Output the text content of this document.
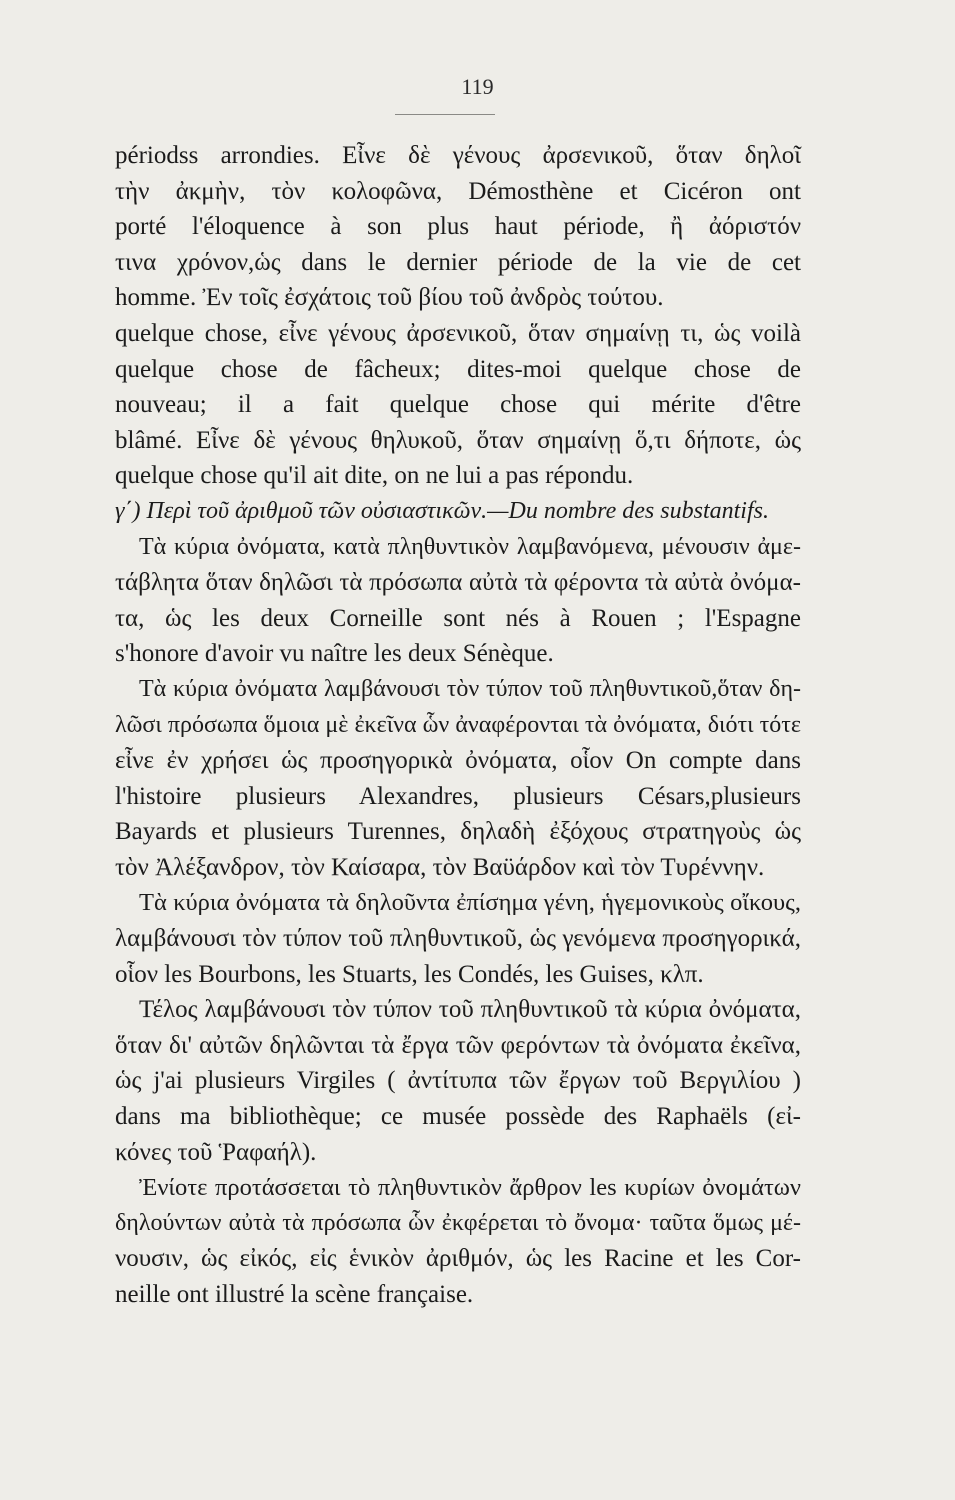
119

périodss arrondies. Εἶνε δὲ γένους ἀρσενικοῦ, ὅταν δηλοῖ
τὴν ἀκμὴν, τὸν κολοφῶνα, Démosthène et Cicéron ont
porté l'éloquence à son plus haut période, ἢ ἀόριστόν
τινα χρόνον,ὡς dans le dernier période de la vie de cet
homme. Ἐν τοῖς ἐσχάτοις τοῦ βίου τοῦ ἀνδρὸς τούτου.

quelque chose, εἶνε γένους ἀρσενικοῦ, ὅταν σημαίνῃ τι, ὡς voilà

quelque chose de fâcheux; dites-moi quelque chose de
nouveau; il a fait quelque chose qui mérite d'être
blâmé. Εἶνε δὲ γένους θηλυκοῦ, ὅταν σημαίνῃ ὅ,τι δήποτε, ὡς
quelque chose qu'il ait dite, on ne lui a pas répondu.

γ΄) Περὶ τοῦ ἀριθμοῦ τῶν οὐσιαστικῶν.—Du nombre des substantifs.

Τὰ κύρια ὀνόματα, κατὰ πληθυντικὸν λαμβανόμενα, μένουσιν ἀμε-
τάβλητα ὅταν δηλῶσι τὰ πρόσωπα αὐτὰ τὰ φέροντα τὰ αὐτὰ ὀνόμα-
τα, ὡς les deux Corneille sont nés à Rouen ; l'Espagne
s'honore d'avoir vu naître les deux Sénèque.

Τὰ κύρια ὀνόματα λαμβάνουσι τὸν τύπον τοῦ πληθυντικοῦ,ὅταν δη-
λῶσι πρόσωπα ὅμοια μὲ ἐκεῖνα ὧν ἀναφέρονται τὰ ὀνόματα, διότι τότε
εἶνε ἐν χρήσει ὡς προσηγορικὰ ὀνόματα, οἷον On compte dans
l'histoire plusieurs Alexandres, plusieurs Césars,plusieurs
Bayards et plusieurs Turennes, δηλαδὴ ἐξόχους στρατηγοὺς ὡς
τὸν Ἀλέξανδρον, τὸν Καίσαρα, τὸν Βαϋάρδον καὶ τὸν Τυρέννην.

Τὰ κύρια ὀνόματα τὰ δηλοῦντα ἐπίσημα γένη, ἡγεμονικοὺς οἴκους,
λαμβάνουσι τὸν τύπον τοῦ πληθυντικοῦ, ὡς γενόμενα προσηγορικά,
οἷον les Bourbons, les Stuarts, les Condés, les Guises, κλπ.

Τέλος λαμβάνουσι τὸν τύπον τοῦ πληθυντικοῦ τὰ κύρια ὀνόματα,
ὅταν δι' αὐτῶν δηλῶνται τὰ ἔργα τῶν φερόντων τὰ ὀνόματα ἐκεῖνα,
ὡς j'ai plusieurs Virgiles ( ἀντίτυπα τῶν ἔργων τοῦ Βεργιλίου )
dans ma bibliothèque; ce musée possède des Raphaëls (εἰ-
κόνες τοῦ Ῥαφαήλ).

Ἐνίοτε προτάσσεται τὸ πληθυντικὸν ἄρθρον les κυρίων ὀνομάτων
δηλούντων αὐτὰ τὰ πρόσωπα ὧν ἐκφέρεται τὸ ὄνομα· ταῦτα ὅμως μέ-
νουσιν, ὡς εἰκός, εἰς ἑνικὸν ἀριθμόν, ὡς les Racine et les Cor-
neille ont illustré la scène française.
